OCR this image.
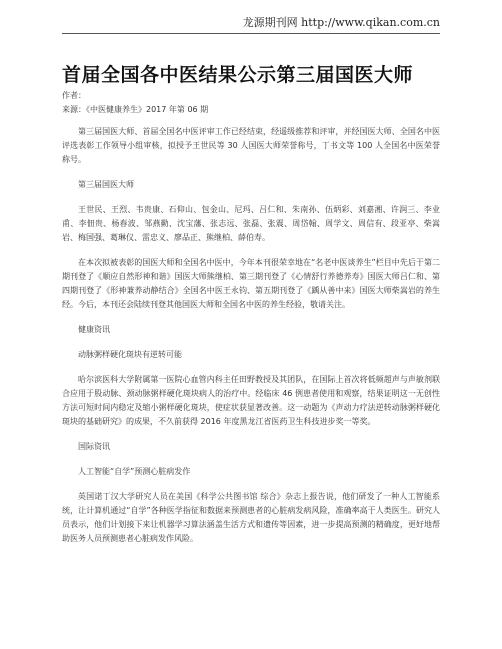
龙源期刊网 http://www.qikan.com.cn
首届全国各中医结果公示第三届国医大师
作者：
来源：《中医健康养生》2017 年第 06 期

第三届国医大师、首届全国名中医评审工作已经结束，经遥级推荐和评审，并经国医大师、全国名中医评选表彰工作领导小组审核，拟授予王世民等 30 人国医大师荣誉称号，丁书文等 100 人全国名中医荣誉称号。

第三届国医大师

王世民、王烈、韦贵康、石仰山、包金山、尼玛、吕仁和、朱南孙、伍炳彩、刘嘉湘、许润三、李业甫、李佃贵、杨春波、邹燕勤、沈宝藩、张志远、张磊、张震、周岱翰、周学文、周信有、段亚亭、柴嵩岩、梅国强、葛琳仪、雷忠义、廖品正、熊继柏、薛伯寿。

在本次拟被表彰的国医大师和全国名中医中，今年本刊很荣幸地在“名老中医谈养生”栏目中先后于第二期刊登了《顺应自然形神和谐》国医大师熊继柏、第三期刊登了《心情舒行养德养寿》国医大师吕仁和、第四期刊登了《形神兼养动静结合》全国名中医王永钧、第五期刊登了《踽从善中来》国医大师柴嵩岩的养生经。今后，本刊还会陆续刊登其他国医大师和全国名中医的养生经验，敬请关注。

健康资讯

动脉粥样硬化斑块有逆转可能

哈尔滨医科大学附属第一医院心血管内科主任田野教授及其团队，在国际上首次将低频超声与声敏剂联合应用于股动脉、颈动脉粥样硬化斑块病人的治疗中。经临床 46 例患者使用和观察，结果证明这一无创性方法可短时间内稳定及缩小粥样硬化斑块，使症状获显著改善。这一动题为《声动力疗法逆转动脉粥样硬化斑块的基础研究》的成果，不久前获得 2016 年度黑龙江省医药卫生科技进步奖一等奖。

国际资讯

人工智能“自学”预测心脏病发作

英国诺丁汉大学研究人员在美国《科学公共图书馆 综合》杂志上报告说，他们研发了一种人工智能系统，让计算机通过“自学”各种医学指征和数据来预测患者的心脏病发病风险，准确率高于人类医生。研究人员表示，他们计划接下来让机器学习算法涵盖生活方式和遗传等因素，进一步提高预测的精确度，更好地帮助医务人员预测患者心脏病发作风险。
